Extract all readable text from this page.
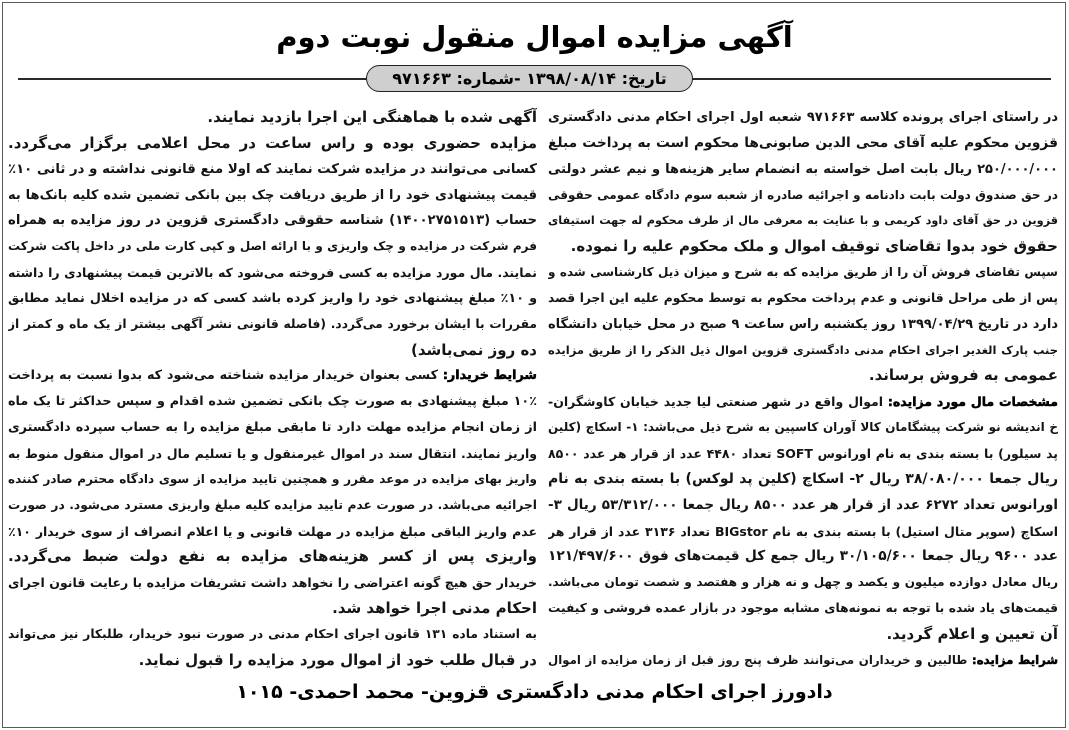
آگهی مزایده اموال منقول نوبت دوم
تاریخ: ۱۳۹۸/۰۸/۱۴ -شماره: ۹۷۱۶۶۳
در راستای اجرای پرونده کلاسه ۹۷۱۶۶۳ شعبه اول اجرای احکام مدنی دادگستری
قزوین محکوم علیه آقای محی الدین صابونی‌ها محکوم است به پرداخت مبلغ
۲۵۰/۰۰۰/۰۰۰ ریال بابت اصل خواسته به انضمام سایر هزینه‌ها و نیم عشر دولتی
در حق صندوق دولت بابت دادنامه و اجرائیه صادره از شعبه سوم دادگاه عمومی حقوقی
قزوین در حق آقای داود کریمی و با عنایت به معرفی مال از طرف محکوم له جهت استیفای
حقوق خود بدوا تقاضای توقیف اموال و ملک محکوم علیه را نموده.
سپس تقاضای فروش آن را از طریق مزایده که به شرح و میزان ذیل کارشناسی شده و
پس از طی مراحل قانونی و عدم پرداخت محکوم به توسط محکوم علیه این اجرا قصد
دارد در تاریخ ۱۳۹۹/۰۴/۲۹ روز یکشنبه راس ساعت ۹ صبح در محل خیابان دانشگاه
جنب پارک الغدیر اجرای احکام مدنی دادگستری قزوین اموال ذیل الذکر را از طریق مزایده
عمومی به فروش برساند.
مشخصات مال مورد مزایده: اموال واقع در شهر صنعتی لیا جدید خیابان کاوشگران-
خ اندیشه نو شرکت پیشگامان کالا آوران کاسپین به شرح ذیل می‌باشد: ۱- اسکاچ (کلین
پد سیلور) با بسته بندی به نام اورانوس SOFT تعداد ۴۴۸۰ عدد از قرار هر عدد ۸۵۰۰
ریال جمعا ۳۸/۰۸۰/۰۰۰ ریال ۲- اسکاچ (کلین پد لوکس) با بسته بندی به نام
اورانوس تعداد ۶۲۷۲ عدد از قرار هر عدد ۸۵۰۰ ریال جمعا ۵۳/۳۱۲/۰۰۰ ریال ۳-
اسکاچ (سوپر متال استیل) با بسته بندی به نام BIGstor تعداد ۳۱۳۶ عدد از قرار هر
عدد ۹۶۰۰ ریال جمعا ۳۰/۱۰۵/۶۰۰ ریال جمع کل قیمت‌های فوق ۱۲۱/۴۹۷/۶۰۰
ریال معادل دوازده میلیون و یکصد و چهل و نه هزار و هفتصد و شصت تومان می‌باشد.
قیمت‌های یاد شده با توجه به نمونه‌های مشابه موجود در بازار عمده فروشی و کیفیت
آن تعیین و اعلام گردید.
شرایط مزایده: طالبین و خریداران می‌توانند ظرف پنج روز قبل از زمان مزایده از اموال
آگهی شده با هماهنگی این اجرا بازدید نمایند.
مزایده حضوری بوده و راس ساعت در محل اعلامی برگزار می‌گردد.
کسانی می‌توانند در مزایده شرکت نمایند که اولا منع قانونی نداشته و در ثانی ۱۰٪
قیمت پیشنهادی خود را از طریق دریافت چک بین بانکی تضمین شده کلیه بانک‌ها به
حساب (۱۴۰۰۲۷۵۱۵۱۳) شناسه حقوقی دادگستری قزوین در روز مزایده به همراه
فرم شرکت در مزایده و چک واریزی و با ارائه اصل و کپی کارت ملی در داخل پاکت شرکت
نمایند. مال مورد مزایده به کسی فروخته می‌شود که بالاترین قیمت پیشنهادی را داشته
و ۱۰٪ مبلغ پیشنهادی خود را واریز کرده باشد کسی که در مزایده اخلال نماید مطابق
مقررات با ایشان برخورد می‌گردد. (فاصله قانونی نشر آگهی بیشتر از یک ماه و کمتر از
ده روز نمی‌باشد)
شرایط خریدار: کسی بعنوان خریدار مزایده شناخته می‌شود که بدوا نسبت به پرداخت
۱۰٪ مبلغ پیشنهادی به صورت چک بانکی تضمین شده اقدام و سپس حداکثر تا یک ماه
از زمان انجام مزایده مهلت دارد تا مابقی مبلغ مزایده را به حساب سپرده دادگستری
واریز نمایند. انتقال سند در اموال غیرمنقول و یا تسلیم مال در اموال منقول منوط به
واریز بهای مزایده در موعد مقرر و همچنین تایید مزایده از سوی دادگاه محترم صادر کننده
اجرائیه می‌باشد. در صورت عدم تایید مزایده کلیه مبلغ واریزی مسترد می‌شود. در صورت
عدم واریز الباقی مبلغ مزایده در مهلت قانونی و یا اعلام انصراف از سوی خریدار ۱۰٪
واریزی پس از کسر هزینه‌های مزایده به نفع دولت ضبط می‌گردد.
خریدار حق هیچ گونه اعتراضی را نخواهد داشت تشریفات مزایده با رعایت قانون اجرای
احکام مدنی اجرا خواهد شد.
به استناد ماده ۱۳۱ قانون اجرای احکام مدنی در صورت نبود خریدار، طلبکار نیز می‌تواند
در قبال طلب خود از اموال مورد مزایده را قبول نماید.
دادورز اجرای احکام مدنی دادگستری قزوین- محمد احمدی- ۱۰۱۵
